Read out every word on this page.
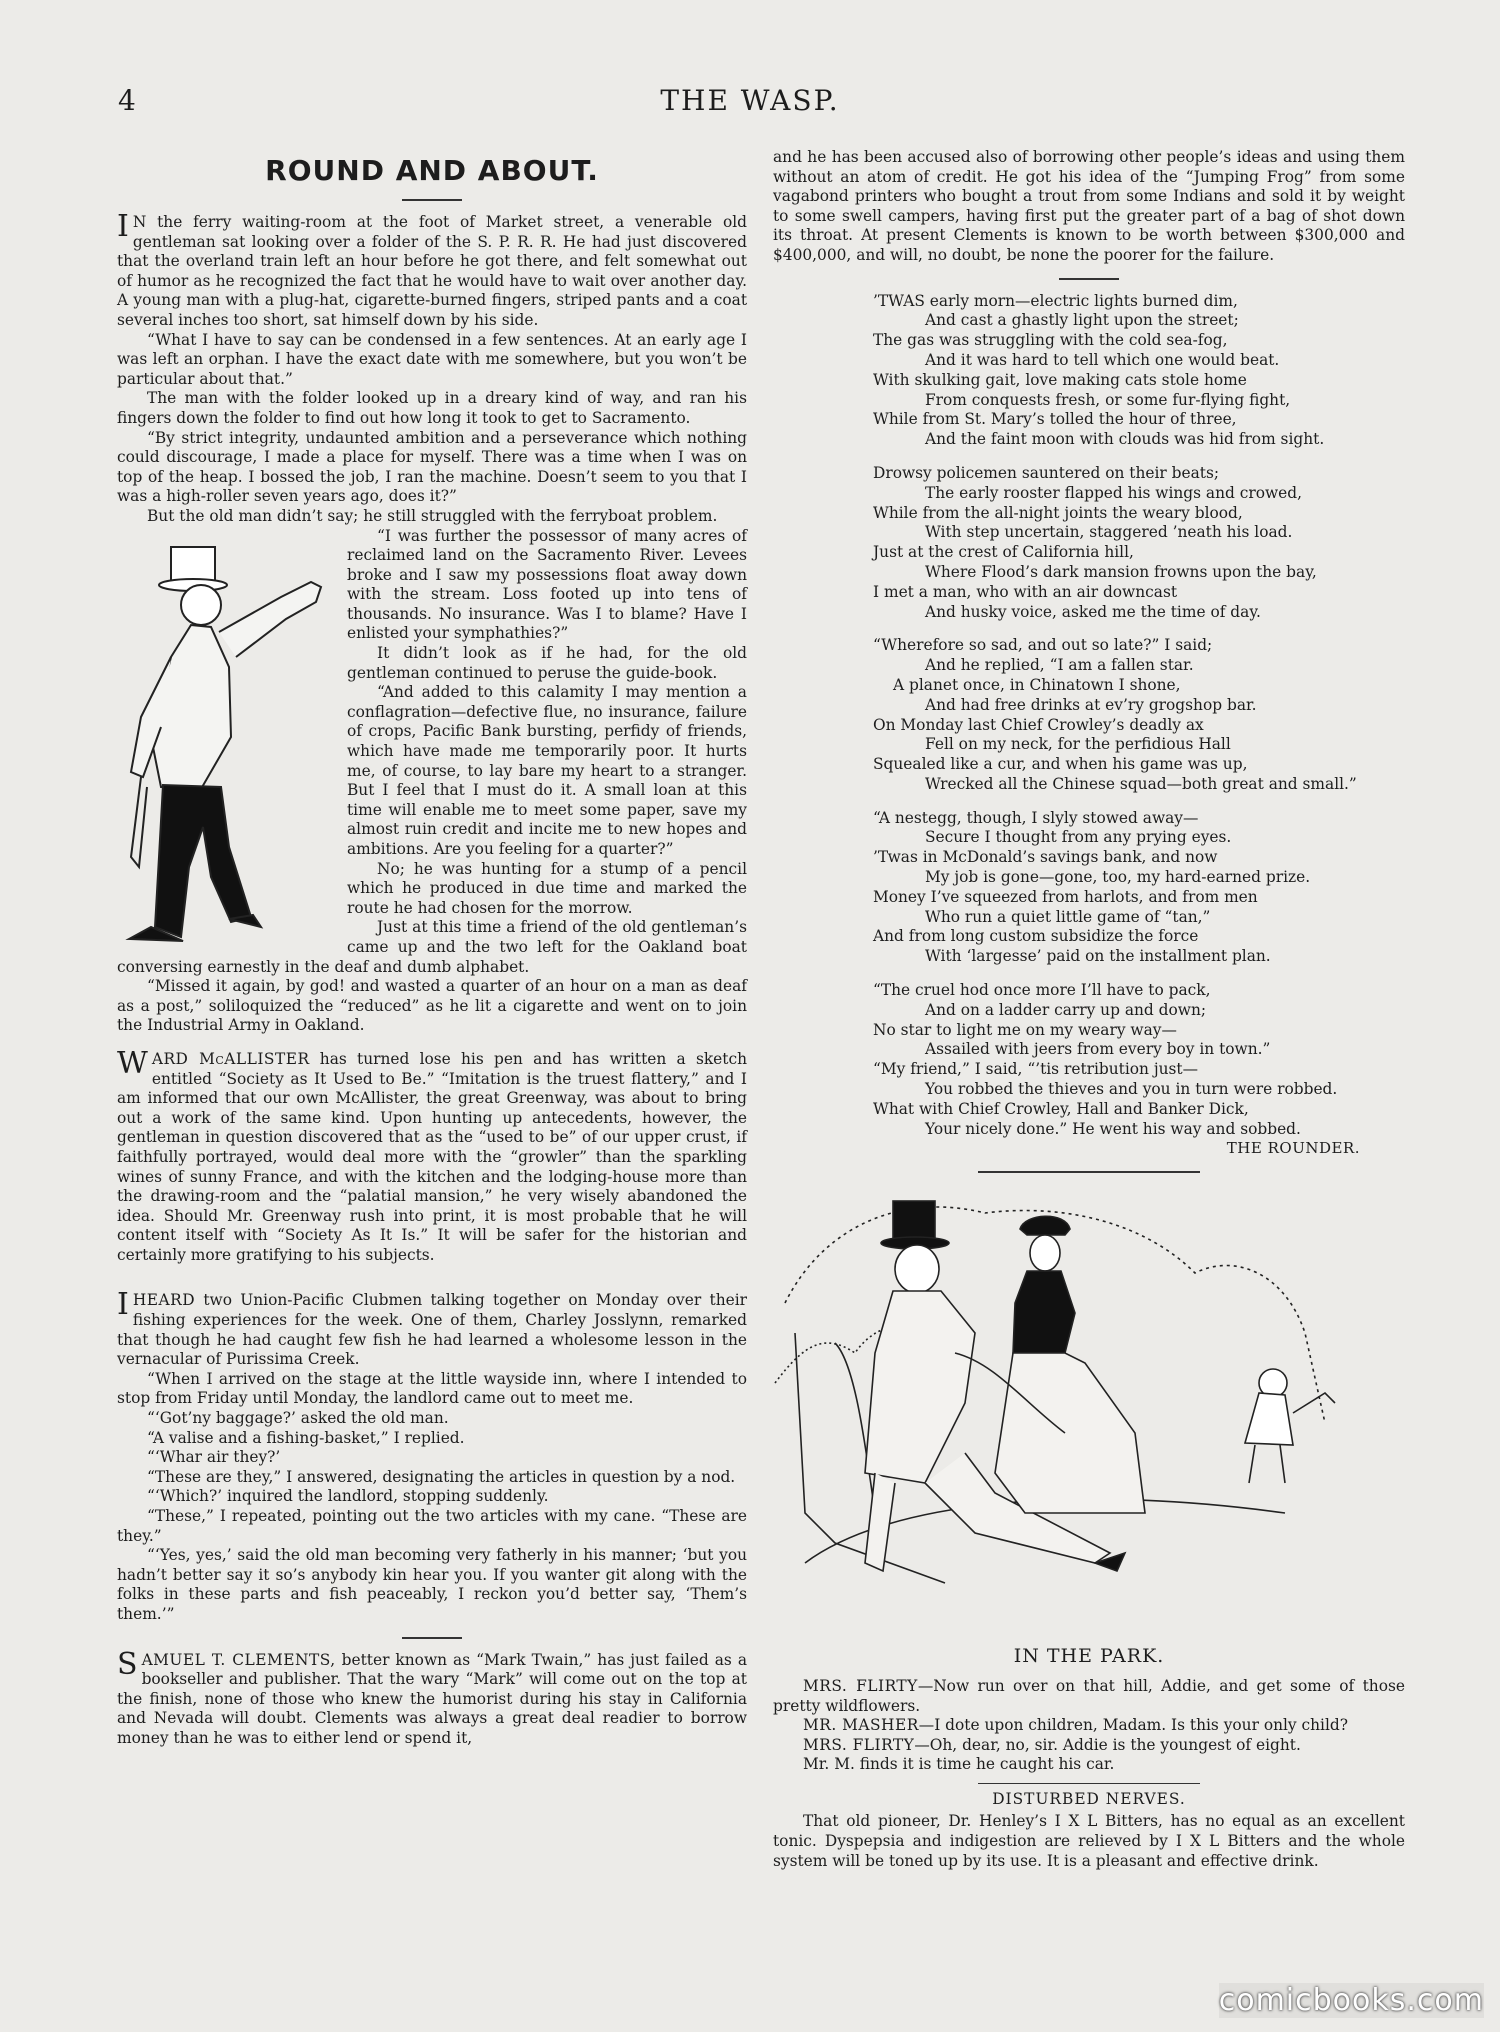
4	THE WASP.
ROUND AND ABOUT.

I N the ferry waiting-room at the foot of Market street, a venerable old gentleman sat looking over a folder of the S. P. R. R. He had just discovered that the overland train left an hour before he got there, and felt somewhat out of humor as he recognized the fact that he would have to wait over another day. A young man with a plug-hat, cigarette-burned fingers, striped pants and a coat several inches too short, sat himself down by his side.

“What I have to say can be condensed in a few sentences. At an early age I was left an orphan. I have the exact date with me somewhere, but you won’t be particular about that.”

The man with the folder looked up in a dreary kind of way, and ran his fingers down the folder to find out how long it took to get to Sacramento.

“By strict integrity, undaunted ambition and a perseverance which nothing could discourage, I made a place for myself. There was a time when I was on top of the heap. I bossed the job, I ran the machine. Doesn’t seem to you that I was a high-roller seven years ago, does it?”

But the old man didn’t say; he still struggled with the ferryboat problem.

“I was further the possessor of many acres of reclaimed land on the Sacramento River. Levees broke and I saw my possessions float away down with the stream. Loss footed up into tens of thousands. No insurance. Was I to blame? Have I enlisted your symphathies?”

It didn’t look as if he had, for the old gentleman continued to peruse the guide-book.

“And added to this calamity I may mention a conflagration—defective flue, no insurance, failure of crops, Pacific Bank bursting, perfidy of friends, which have made me temporarily poor. It hurts me, of course, to lay bare my heart to a stranger. But I feel that I must do it. A small loan at this time will enable me to meet some paper, save my almost ruin credit and incite me to new hopes and ambitions. Are you feeling for a quarter?”

No; he was hunting for a stump of a pencil which he produced in due time and marked the route he had chosen for the morrow.

Just at this time a friend of the old gentleman’s came up and the two left for the Oakland boat conversing earnestly in the deaf and dumb alphabet.

“Missed it again, by god! and wasted a quarter of an hour on a man as deaf as a post,” soliloquized the “reduced” as he lit a cigarette and went on to join the Industrial Army in Oakland.

WARD McALLISTER has turned lose his pen and has written a sketch entitled “Society as It Used to Be.” “Imitation is the truest flattery,” and I am informed that our own McAllister, the great Greenway, was about to bring out a work of the same kind. Upon hunting up antecedents, however, the gentleman in question discovered that as the “used to be” of our upper crust, if faithfully portrayed, would deal more with the “growler” than the sparkling wines of sunny France, and with the kitchen and the lodging-house more than the drawing-room and the “palatial mansion,” he very wisely abandoned the idea. Should Mr. Greenway rush into print, it is most probable that he will content itself with “Society As It Is.” It will be safer for the historian and certainly more gratifying to his subjects.

IHEARD two Union-Pacific Clubmen talking together on Monday over their fishing experiences for the week. One of them, Charley Josslynn, remarked that though he had caught few fish he had learned a wholesome lesson in the vernacular of Purissima Creek.

“When I arrived on the stage at the little wayside inn, where I intended to stop from Friday until Monday, the landlord came out to meet me.

“‘Got’ny baggage?’ asked the old man.

“A valise and a fishing-basket,” I replied.

“‘Whar air they?’

“These are they,” I answered, designating the articles in question by a nod.

“‘Which?’ inquired the landlord, stopping suddenly.

“These,” I repeated, pointing out the two articles with my cane. “These are they.”

“‘Yes, yes,’ said the old man becoming very fatherly in his manner; ‘but you hadn’t better say it so’s anybody kin hear you. If you wanter git along with the folks in these parts and fish peaceably, I reckon you’d better say, ‘Them’s them.’”

SAMUEL T. CLEMENTS, better known as “Mark Twain,” has just failed as a bookseller and publisher. That the wary “Mark” will come out on the top at the finish, none of those who knew the humorist during his stay in California and Nevada will doubt. Clements was always a great deal readier to borrow money than he was to either lend or spend it,

and he has been accused also of borrowing other people’s ideas and using them without an atom of credit. He got his idea of the “Jumping Frog” from some vagabond printers who bought a trout from some Indians and sold it by weight to some swell campers, having first put the greater part of a bag of shot down its throat. At present Clements is known to be worth between $300,000 and $400,000, and will, no doubt, be none the poorer for the failure.

’TWAS early morn—electric lights burned dim,
And cast a ghastly light upon the street;
The gas was struggling with the cold sea-fog,
And it was hard to tell which one would beat.
With skulking gait, love making cats stole home
From conquests fresh, or some fur-flying fight,
While from St. Mary’s tolled the hour of three,
And the faint moon with clouds was hid from sight.
Drowsy policemen sauntered on their beats;
The early rooster flapped his wings and crowed,
While from the all-night joints the weary blood,
With step uncertain, staggered ’neath his load.
Just at the crest of California hill,
Where Flood’s dark mansion frowns upon the bay,
I met a man, who with an air downcast
And husky voice, asked me the time of day.
“Wherefore so sad, and out so late?” I said;
And he replied, “I am a fallen star.
A planet once, in Chinatown I shone,
And had free drinks at ev’ry grogshop bar.
On Monday last Chief Crowley’s deadly ax
Fell on my neck, for the perfidious Hall
Squealed like a cur, and when his game was up,
Wrecked all the Chinese squad—both great and small.”
“A nestegg, though, I slyly stowed away—
Secure I thought from any prying eyes.
’Twas in McDonald’s savings bank, and now
My job is gone—gone, too, my hard-earned prize.
Money I’ve squeezed from harlots, and from men
Who run a quiet little game of “tan,”
And from long custom subsidize the force
With ‘largesse’ paid on the installment plan.
“The cruel hod once more I’ll have to pack,
And on a ladder carry up and down;
No star to light me on my weary way—
Assailed with jeers from every boy in town.”
“My friend,” I said, “’tis retribution just—
You robbed the thieves and you in turn were robbed.
What with Chief Crowley, Hall and Banker Dick,
Your nicely done.” He went his way and sobbed.
THE ROUNDER.
IN THE PARK.

MRS. FLIRTY—Now run over on that hill, Addie, and get some of those pretty wildflowers.

MR. MASHER—I dote upon children, Madam. Is this your only child?

MRS. FLIRTY—Oh, dear, no, sir. Addie is the youngest of eight.

Mr. M. finds it is time he caught his car.

DISTURBED NERVES.

That old pioneer, Dr. Henley’s I X L Bitters, has no equal as an excellent tonic. Dyspepsia and indigestion are relieved by I X L Bitters and the whole system will be toned up by its use. It is a pleasant and effective drink.

comicbooks.com
